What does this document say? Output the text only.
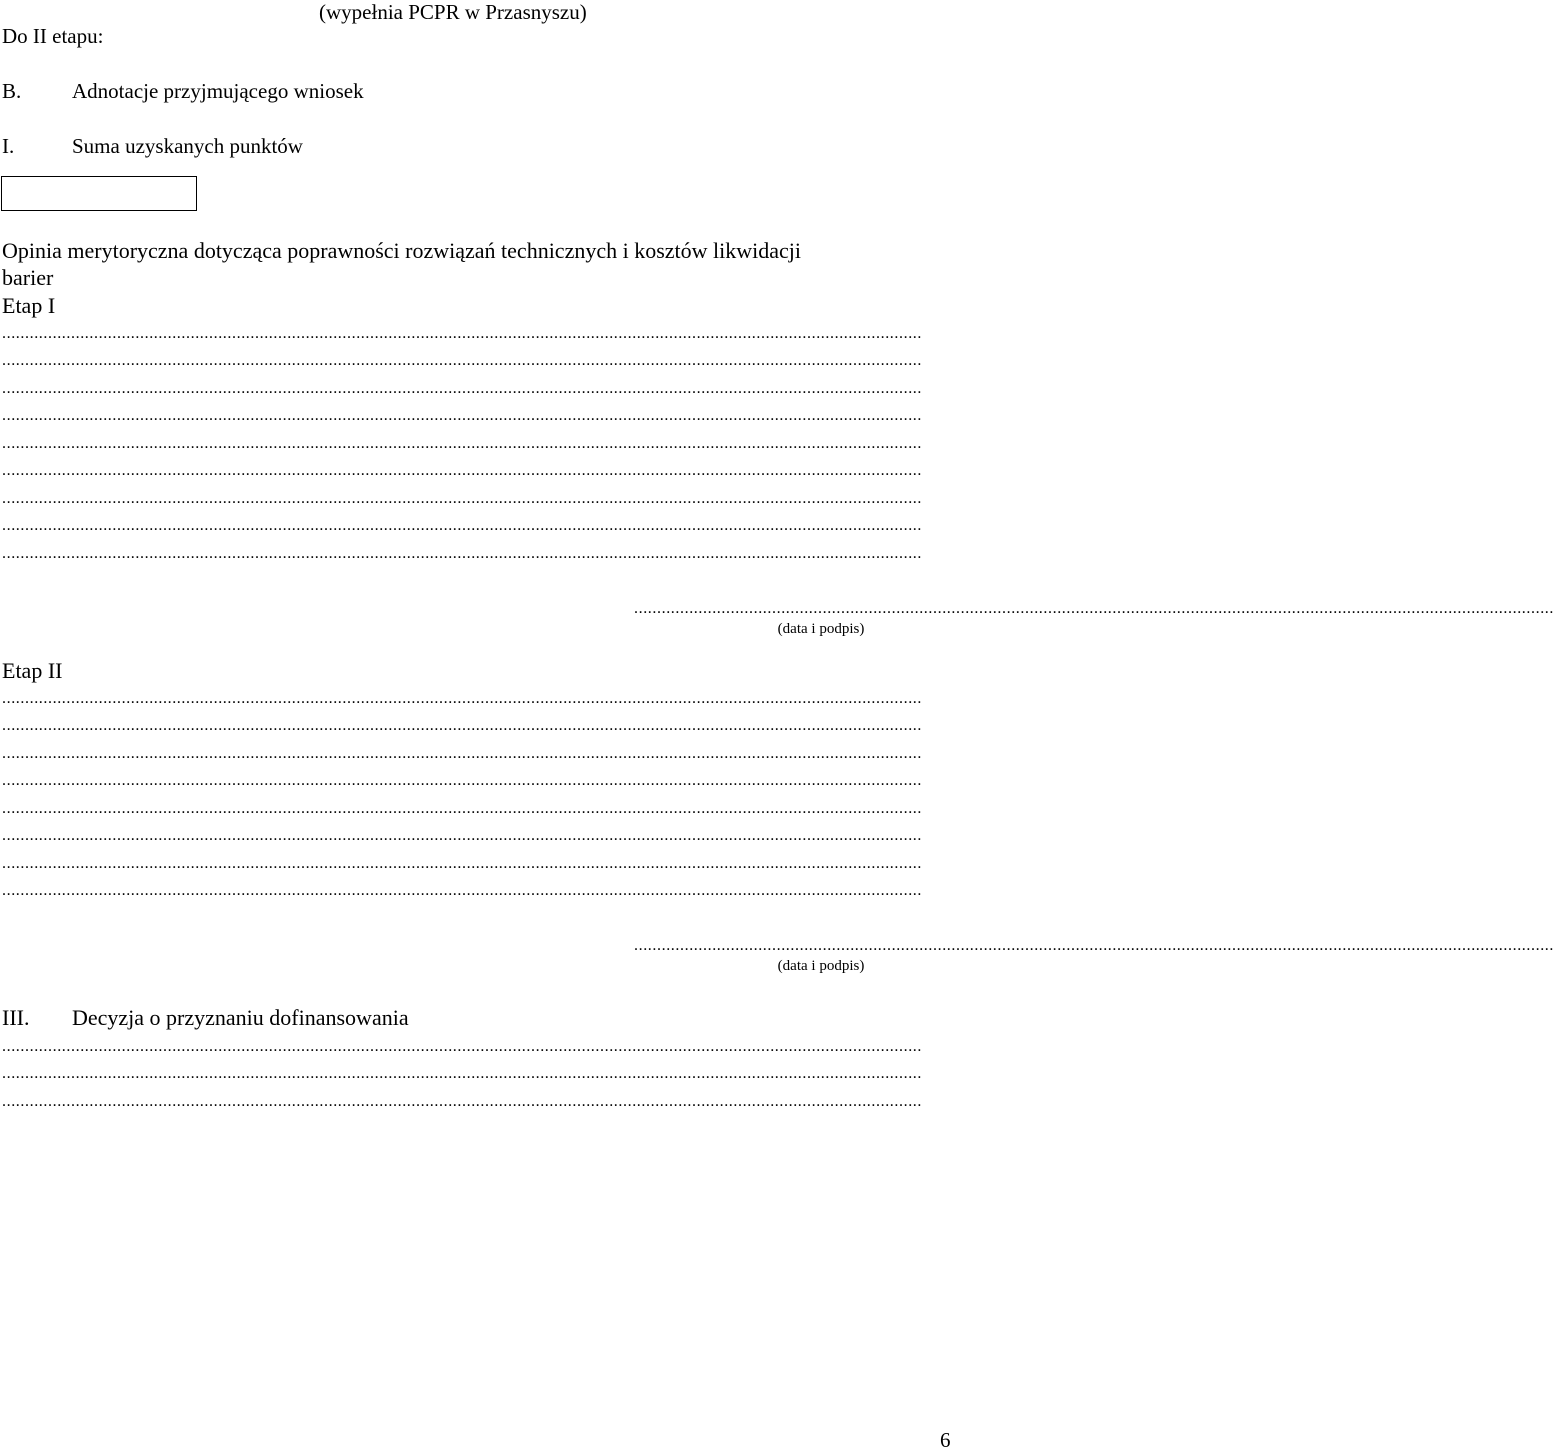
Do II etapu:
(wypełnia PCPR w Przasnyszu)
B. Adnotacje przyjmującego wniosek
I.	Suma uzyskanych punktów
Opinia merytoryczna dotycząca poprawności rozwiązań technicznych i kosztów likwidacji
barier
Etap I
........................................................................................................................................................................................................
........................................................................................................................................................................................................
........................................................................................................................................................................................................
........................................................................................................................................................................................................
........................................................................................................................................................................................................
........................................................................................................................................................................................................
........................................................................................................................................................................................................
........................................................................................................................................................................................................
........................................................................................................................................................................................................
........................................................................................................................................................................................................
(data i podpis)
Etap II
........................................................................................................................................................................................................
........................................................................................................................................................................................................
........................................................................................................................................................................................................
........................................................................................................................................................................................................
........................................................................................................................................................................................................
........................................................................................................................................................................................................
........................................................................................................................................................................................................
........................................................................................................................................................................................................
........................................................................................................................................................................................................
(data i podpis)
III. Decyzja o przyznaniu dofinansowania
........................................................................................................................................................................................................
........................................................................................................................................................................................................
........................................................................................................................................................................................................
6
